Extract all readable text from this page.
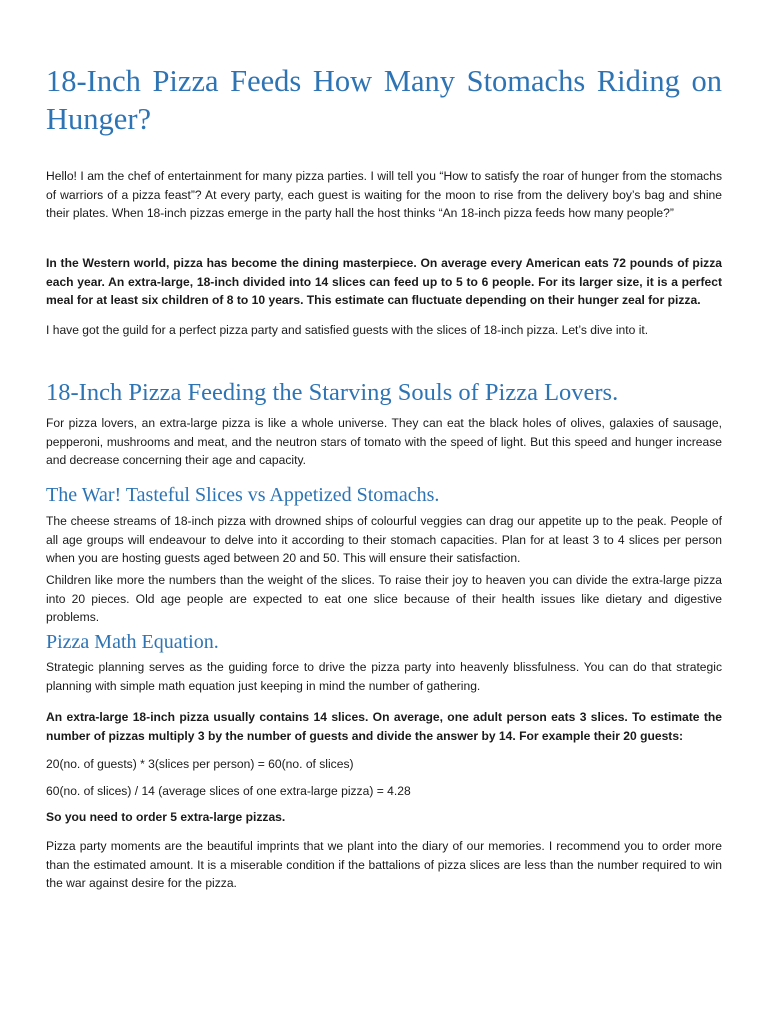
18-Inch Pizza Feeds How Many Stomachs Riding on Hunger?

Hello! I am the chef of entertainment for many pizza parties. I will tell you “How to satisfy the roar of hunger from the stomachs of warriors of a pizza feast”? At every party, each guest is waiting for the moon to rise from the delivery boy’s bag and shine their plates. When 18-inch pizzas emerge in the party hall the host thinks “An 18-inch pizza feeds how many people?”

In the Western world, pizza has become the dining masterpiece. On average every American eats 72 pounds of pizza each year. An extra-large, 18-inch divided into 14 slices can feed up to 5 to 6 people. For its larger size, it is a perfect meal for at least six children of 8 to 10 years. This estimate can fluctuate depending on their hunger zeal for pizza.

I have got the guild for a perfect pizza party and satisfied guests with the slices of 18-inch pizza. Let’s dive into it.

18-Inch Pizza Feeding the Starving Souls of Pizza Lovers.

For pizza lovers, an extra-large pizza is like a whole universe. They can eat the black holes of olives, galaxies of sausage, pepperoni, mushrooms and meat, and the neutron stars of tomato with the speed of light. But this speed and hunger increase and decrease concerning their age and capacity.

The War! Tasteful Slices vs Appetized Stomachs.

The cheese streams of 18-inch pizza with drowned ships of colourful veggies can drag our appetite up to the peak. People of all age groups will endeavour to delve into it according to their stomach capacities. Plan for at least 3 to 4 slices per person when you are hosting guests aged between 20 and 50. This will ensure their satisfaction.

Children like more the numbers than the weight of the slices. To raise their joy to heaven you can divide the extra-large pizza into 20 pieces. Old age people are expected to eat one slice because of their health issues like dietary and digestive problems.

Pizza Math Equation.

Strategic planning serves as the guiding force to drive the pizza party into heavenly blissfulness. You can do that strategic planning with simple math equation just keeping in mind the number of gathering.

An extra-large 18-inch pizza usually contains 14 slices. On average, one adult person eats 3 slices. To estimate the number of pizzas multiply 3 by the number of guests and divide the answer by 14. For example their 20 guests:

20(no. of guests) * 3(slices per person) = 60(no. of slices)

60(no. of slices) / 14 (average slices of one extra-large pizza) = 4.28

So you need to order 5 extra-large pizzas.

Pizza party moments are the beautiful imprints that we plant into the diary of our memories. I recommend you to order more than the estimated amount. It is a miserable condition if the battalions of pizza slices are less than the number required to win the war against desire for the pizza.
